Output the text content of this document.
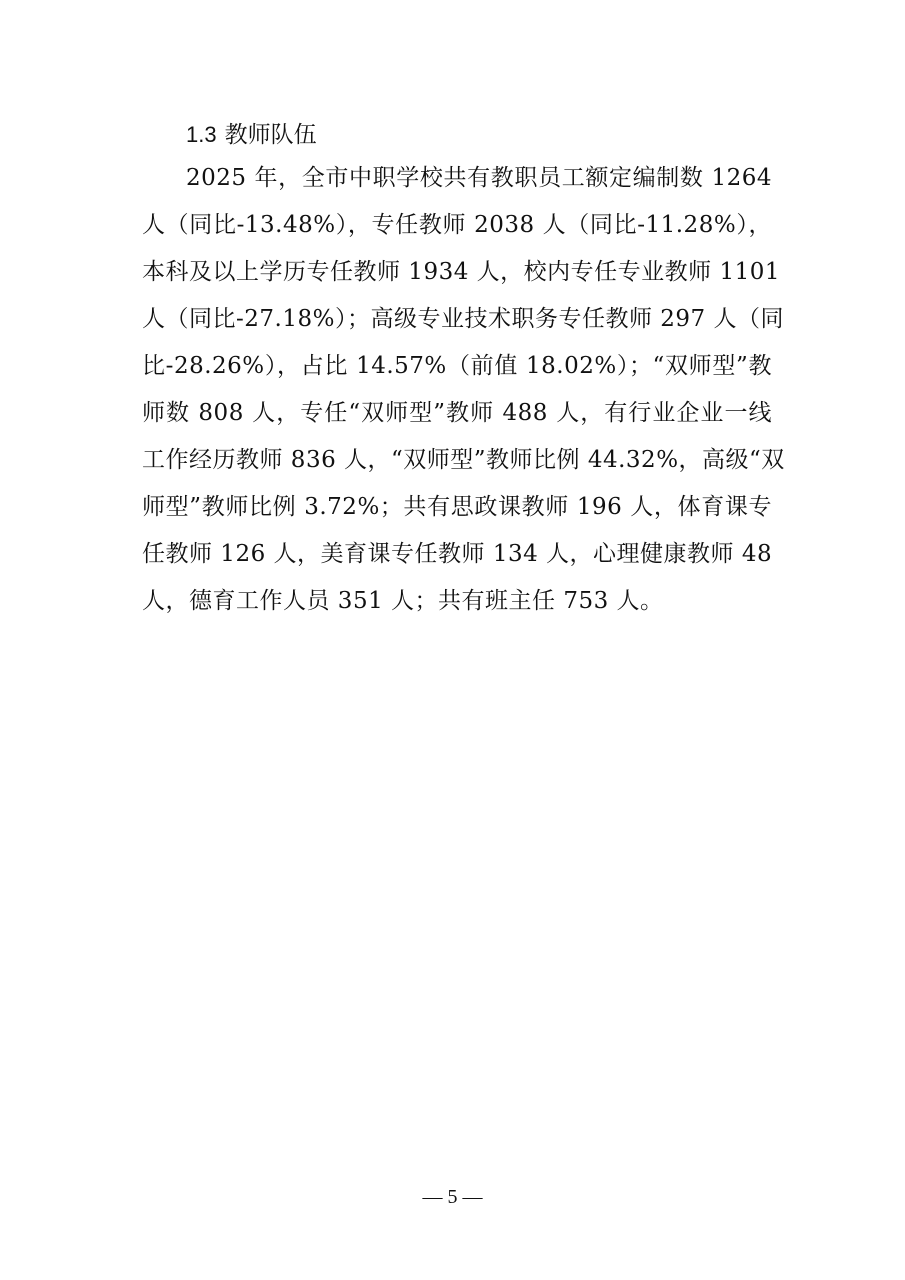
1.3 教师队伍
2025 年，全市中职学校共有教职员工额定编制数 1264
人（同比-13.48%），专任教师 2038 人（同比-11.28%），
本科及以上学历专任教师 1934 人，校内专任专业教师 1101
人（同比-27.18%）；高级专业技术职务专任教师 297 人（同
比-28.26%），占比 14.57%（前值 18.02%）；“双师型”教
师数 808 人，专任“双师型”教师 488 人，有行业企业一线
工作经历教师 836 人，“双师型”教师比例 44.32%，高级“双
师型”教师比例 3.72%；共有思政课教师 196 人，体育课专
任教师 126 人，美育课专任教师 134 人，心理健康教师 48
人，德育工作人员 351 人；共有班主任 753 人。
— 5 —
